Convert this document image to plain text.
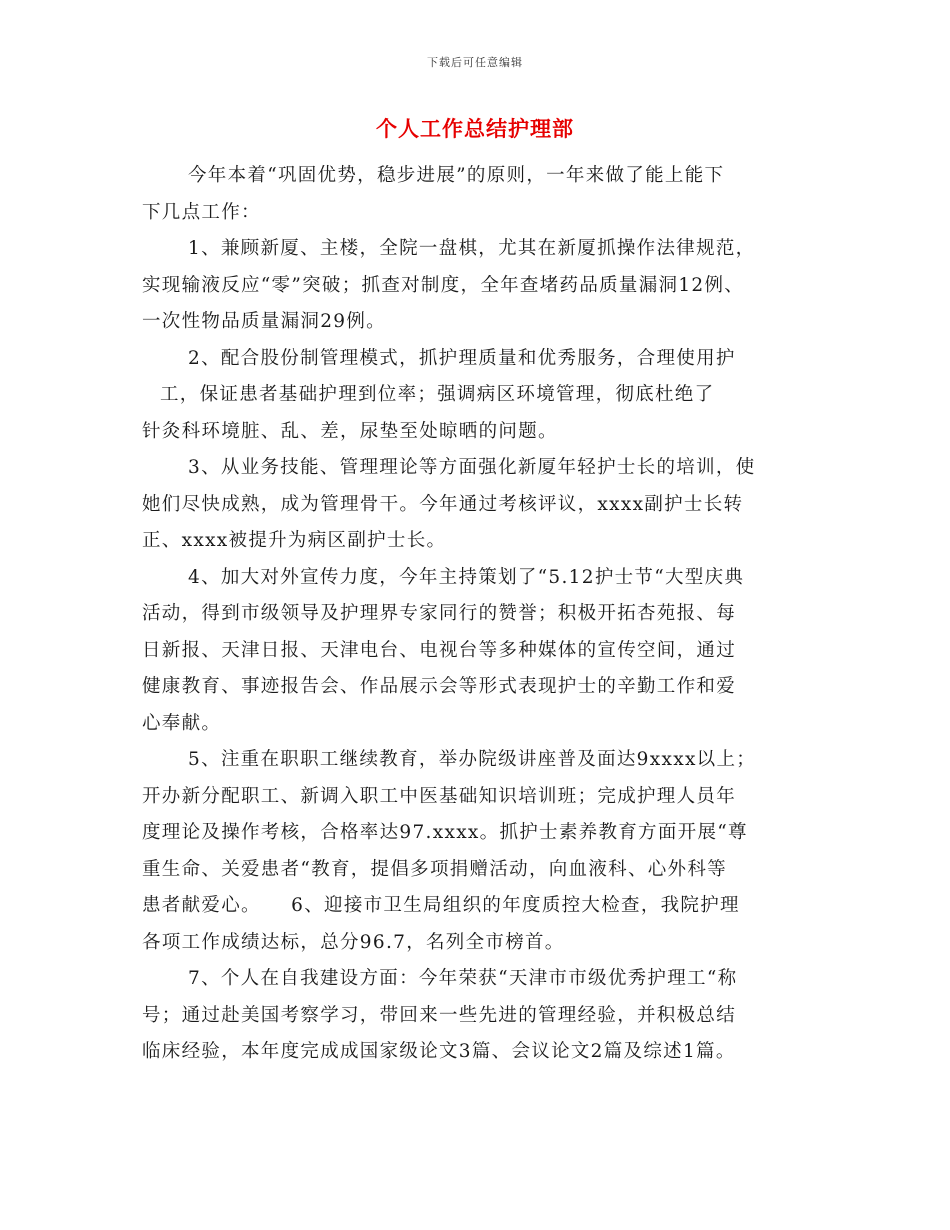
下载后可任意编辑
个人工作总结护理部
今年本着“巩固优势，稳步进展”的原则，一年来做了能上能下
下几点工作：
1、兼顾新厦、主楼，全院一盘棋，尤其在新厦抓操作法律规范，
实现输液反应“零”突破；抓查对制度，全年查堵药品质量漏洞12例、
一次性物品质量漏洞29例。
2、配合股份制管理模式，抓护理质量和优秀服务，合理使用护
工，保证患者基础护理到位率；强调病区环境管理，彻底杜绝了
针灸科环境脏、乱、差，尿垫至处晾晒的问题。
3、从业务技能、管理理论等方面强化新厦年轻护士长的培训，使
她们尽快成熟，成为管理骨干。今年通过考核评议，xxxx副护士长转
正、xxxx被提升为病区副护士长。
4、加大对外宣传力度，今年主持策划了“5.12护士节“大型庆典
活动，得到市级领导及护理界专家同行的赞誉；积极开拓杏苑报、每
日新报、天津日报、天津电台、电视台等多种媒体的宣传空间，通过
健康教育、事迹报告会、作品展示会等形式表现护士的辛勤工作和爱
心奉献。
5、注重在职职工继续教育，举办院级讲座普及面达9xxxx以上；
开办新分配职工、新调入职工中医基础知识培训班；完成护理人员年
度理论及操作考核，合格率达97.xxxx。抓护士素养教育方面开展“尊
重生命、关爱患者“教育，提倡多项捐赠活动，向血液科、心外科等
患者献爱心。　　6、迎接市卫生局组织的年度质控大检查，我院护理
各项工作成绩达标，总分96.7，名列全市榜首。
7、个人在自我建设方面：今年荣获“天津市市级优秀护理工“称
号；通过赴美国考察学习，带回来一些先进的管理经验，并积极总结
临床经验，本年度完成成国家级论文3篇、会议论文2篇及综述1篇。
